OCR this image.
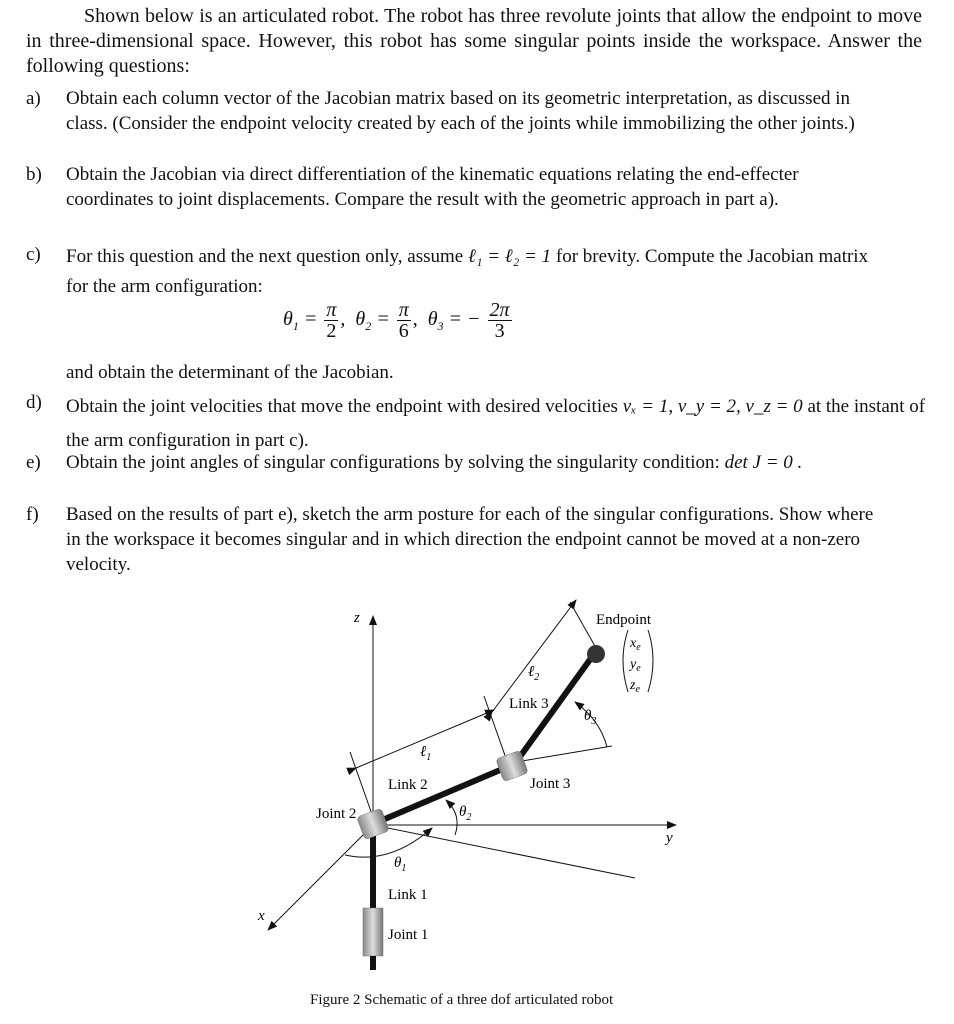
Shown below is an articulated robot. The robot has three revolute joints that allow the endpoint to move in three-dimensional space. However, this robot has some singular points inside the workspace. Answer the following questions:
a)	Obtain each column vector of the Jacobian matrix based on its geometric interpretation, as discussed in class. (Consider the endpoint velocity created by each of the joints while immobilizing the other joints.)
b)	Obtain the Jacobian via direct differentiation of the kinematic equations relating the end-effecter coordinates to joint displacements. Compare the result with the geometric approach in part a).
c)	For this question and the next question only, assume ℓ₁ = ℓ₂ = 1 for brevity. Compute the Jacobian matrix for the arm configuration:
$\theta_1 = \frac{\pi}{2}$ ,  $\theta_2 = \frac{\pi}{6}$ ,  $\theta_3$ = − $\frac{2\pi}{3}$
and obtain the determinant of the Jacobian.
d)	Obtain the joint velocities that move the endpoint with desired velocities vₓ = 1, v_y = 2, v_z = 0 at the instant of the arm configuration in part c).
e)	Obtain the joint angles of singular configurations by solving the singularity condition: det J = 0 .
f)	Based on the results of part e), sketch the arm posture for each of the singular configurations. Show where in the workspace it becomes singular and in which direction the endpoint cannot be moved at a non-zero velocity.
z
y
x
Endpoint
$x_e$
$y_e$
$z_e$
ℓ$_1$
ℓ$_2$
Link 1
Link 2
Link 3
Joint 1
Joint 2
Joint 3
$\theta_1$
$\theta_2$
$\theta_3$
Figure 2 Schematic of a three dof articulated robot
